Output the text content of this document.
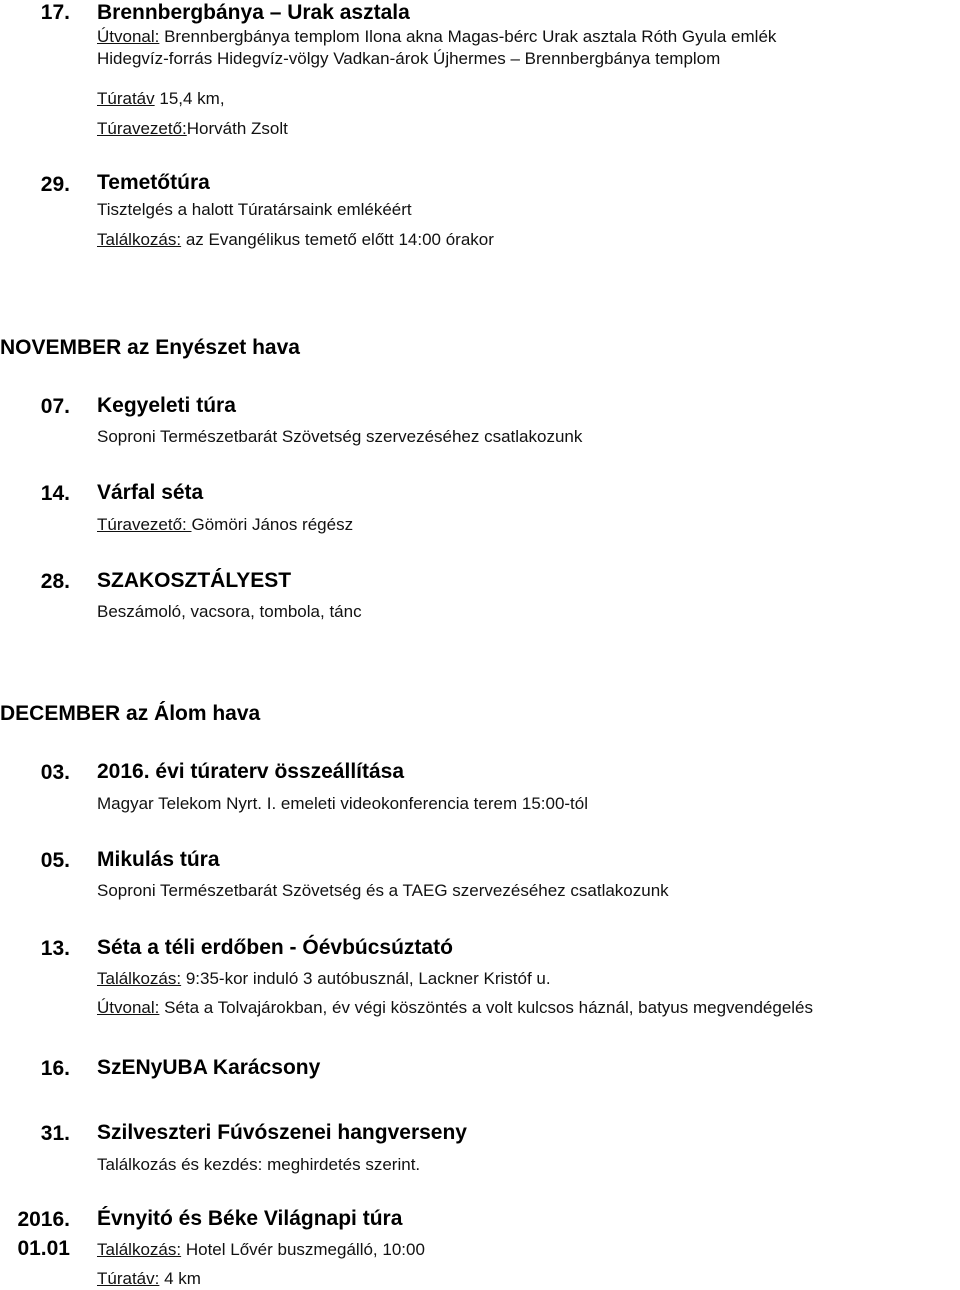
17. Brennbergbánya – Urak asztala
Útvonal: Brennbergbánya templom Ilona akna Magas-bérc Urak asztala Róth Gyula emlék
Hidegvíz-forrás Hidegvíz-völgy Vadkan-árok Újhermes – Brennbergbánya templom
Túratáv 15,4 km,
Túravezető:Horváth Zsolt
29. Temetőtúra
Tisztelgés a halott Túratársaink emlékéért
Találkozás: az Evangélikus temető előtt 14:00 órakor
NOVEMBER az Enyészet hava
07. Kegyeleti túra
Soproni Természetbarát Szövetség szervezéséhez csatlakozunk
14. Várfal séta
Túravezető: Gömöri János régész
28. SZAKOSZTÁLYEST
Beszámoló, vacsora, tombola, tánc
DECEMBER az Álom hava
03. 2016. évi túraterv összeállítása
Magyar Telekom Nyrt. I. emeleti videokonferencia terem 15:00-tól
05. Mikulás túra
Soproni Természetbarát Szövetség és a TAEG szervezéséhez csatlakozunk
13. Séta a téli erdőben - Óévbúcsúztató
Találkozás: 9:35-kor induló 3 autóbusznál, Lackner Kristóf u.
Útvonal: Séta a Tolvajárokban, év végi köszöntés a volt kulcsos háznál, batyus megvendégelés
16. SzENyUBA Karácsony
31. Szilveszteri Fúvószenei hangverseny
Találkozás és kezdés: meghirdetés szerint.
2016.
01.01
Évnyitó és Béke Világnapi túra
Találkozás: Hotel Lővér buszmegálló, 10:00
Túratáv: 4 km
